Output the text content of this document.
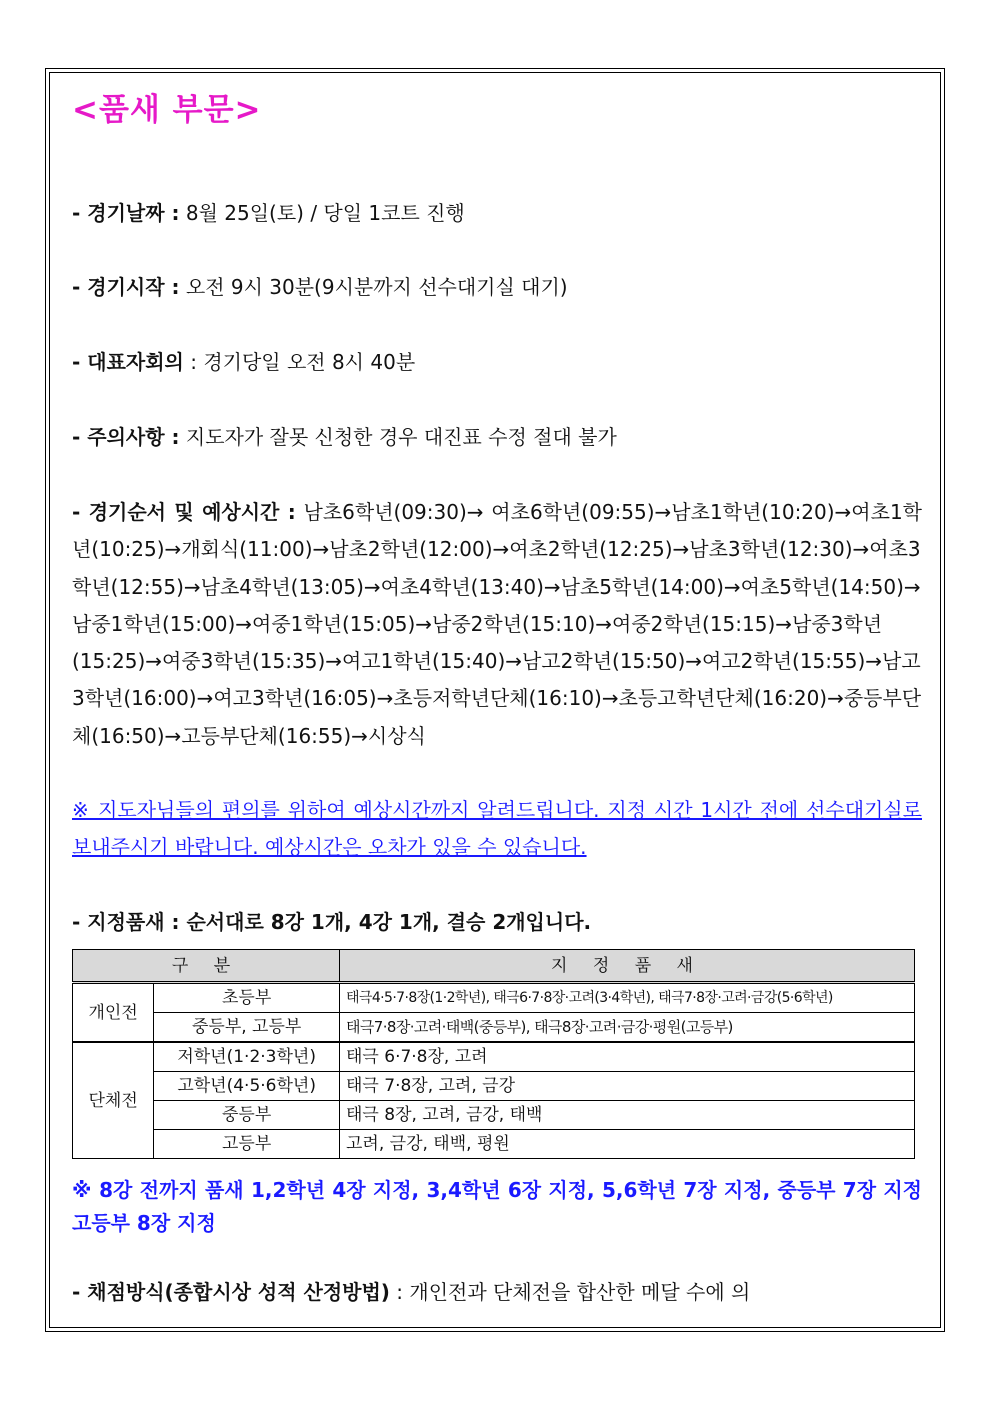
<품새 부문>
- 경기날짜 : 8월 25일(토) / 당일 1코트 진행
- 경기시작 : 오전 9시 30분(9시분까지 선수대기실 대기)
- 대표자회의 : 경기당일 오전 8시 40분
- 주의사항 : 지도자가 잘못 신청한 경우 대진표 수정 절대 불가
- 경기순서 및 예상시간 : 남초6학년(09:30)→ 여초6학년(09:55)→남초1학년(10:20)→여초1학년(10:25)→개회식(11:00)→남초2학년(12:00)→여초2학년(12:25)→남초3학년(12:30)→여초3학년(12:55)→남초4학년(13:05)→여초4학년(13:40)→남초5학년(14:00)→여초5학년(14:50)→남중1학년(15:00)→여중1학년(15:05)→남중2학년(15:10)→여중2학년(15:15)→남중3학년(15:25)→여중3학년(15:35)→여고1학년(15:40)→남고2학년(15:50)→여고2학년(15:55)→남고3학년(16:00)→여고3학년(16:05)→초등저학년단체(16:10)→초등고학년단체(16:20)→중등부단체(16:50)→고등부단체(16:55)→시상식
※ 지도자님들의 편의를 위하여 예상시간까지 알려드립니다. 지정 시간 1시간 전에 선수대기실로 보내주시기 바랍니다. 예상시간은 오차가 있을 수 있습니다.
- 지정품새 : 순서대로 8강 1개, 4강 1개, 결승 2개입니다.
구 분		지 정 품 새
개인전	초등부	태극4·5·7·8장(1·2학년), 태극6·7·8장·고려(3·4학년), 태극7·8장·고려·금강(5·6학년)
	중등부, 고등부	태극7·8장·고려·태백(중등부), 태극8장·고려·금강·평원(고등부)
단체전	저학년(1·2·3학년)	태극 6·7·8장, 고려
	고학년(4·5·6학년)	태극 7·8장, 고려, 금강
	중등부	태극 8장, 고려, 금강, 태백
	고등부	고려, 금강, 태백, 평원
※ 8강 전까지 품새 1,2학년 4장 지정, 3,4학년 6장 지정, 5,6학년 7장 지정, 중등부 7장 지정 고등부 8장 지정
- 채점방식(종합시상 성적 산정방법) : 개인전과 단체전을 합산한 메달 수에 의
